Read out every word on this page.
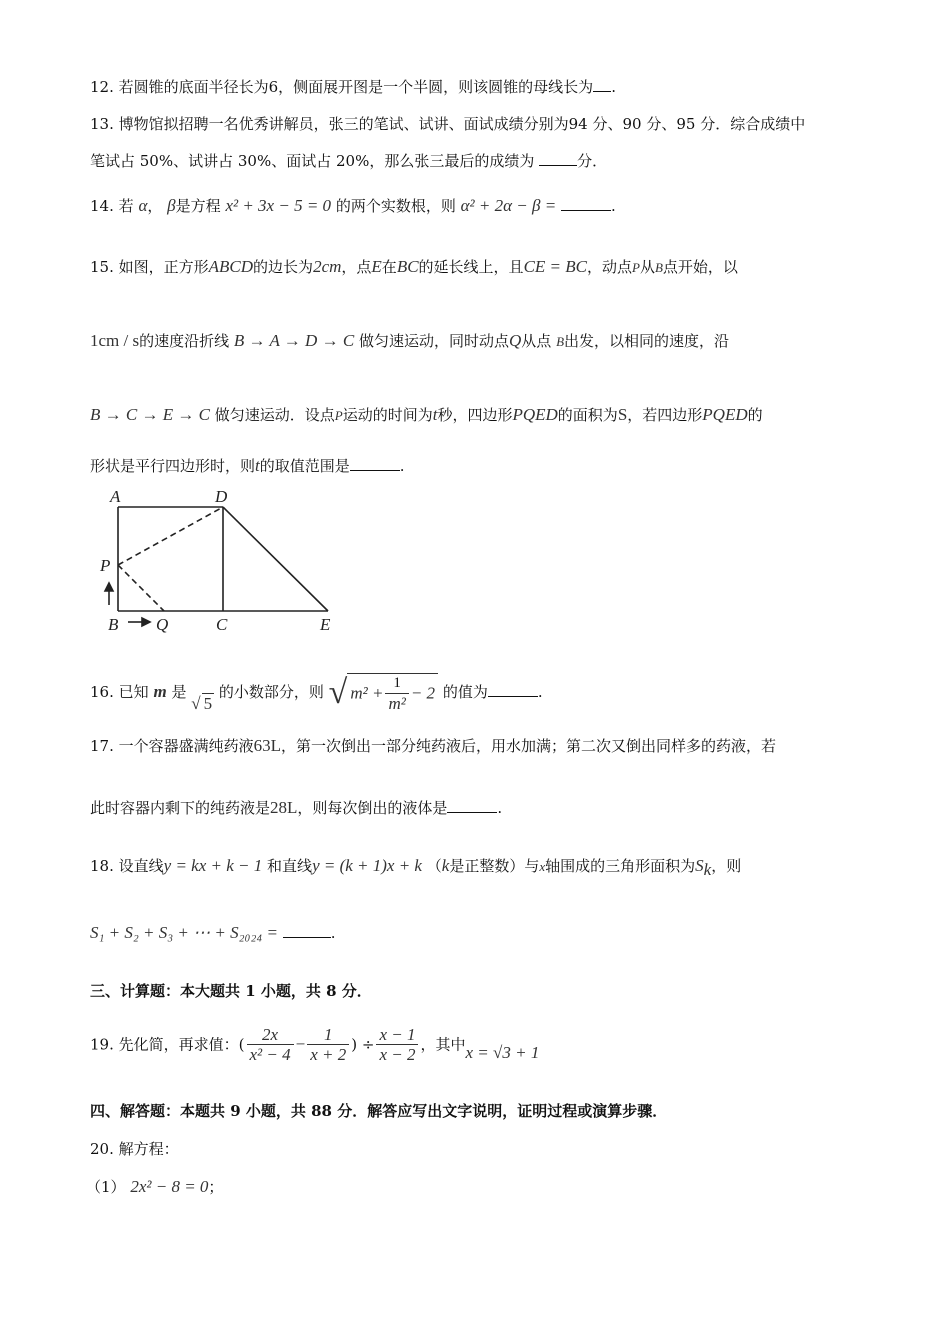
12. 若圆锥的底面半径长为6，侧面展开图是一个半圆，则该圆锥的母线长为 .
13. 博物馆拟招聘一名优秀讲解员，张三的笔试、试讲、面试成绩分别为94 分、90 分、95 分．综合成绩中
笔试占 50%、试讲占 30%、面试占 20%，那么张三最后的成绩为	分．
14. 若 α， β是方程 x² + 3x − 5 = 0 的两个实数根，则 α² + 2α − β =	.
15. 如图，正方形ABCD的边长为2cm，点E在BC的延长线上，且CE = BC，动点P从B点开始，以
1cm / s的速度沿折线 B → A → D → C 做匀速运动，同时动点Q从点 B出发，以相同的速度，沿
B → C → E → C 做匀速运动．设点P运动的时间为t秒，四边形PQED的面积为S，若四边形PQED的
形状是平行四边形时，则t的取值范围是	.
A	D
P
B Q	C	E
16. 已知 m 是 √ 5 的小数部分，则 √ $m^2 + \frac{1}{\text{m²}} - 2$ 的值为	.
17. 一个容器盛满纯药液63L，第一次倒出一部分纯药液后，用水加满；第二次又倒出同样多的药液，若
此时容器内剩下的纯药液是28L，则每次倒出的液体是	.
18. 设直线y = kx + k − 1 和直线y = (k + 1)x + k （k是正整数）与x轴围成的三角形面积为$S_k$，则
S₁ + S₂ + S₃ + ⋯ + S₂₀₂₄ =	.
三、计算题：本大题共 1 小题，共 8 分．
19. 先化简，再求值：( $\frac{2x}{\text{x² − 4}} - \frac{1}{x + 2}$ ) ÷ $\frac{x - 1}{x - 2}$ ，其中x = √3 + 1
四、解答题：本题共 9 小题，共 88 分．解答应写出文字说明，证明过程或演算步骤．
20. 解方程：
（1） 2x² − 8 = 0；
